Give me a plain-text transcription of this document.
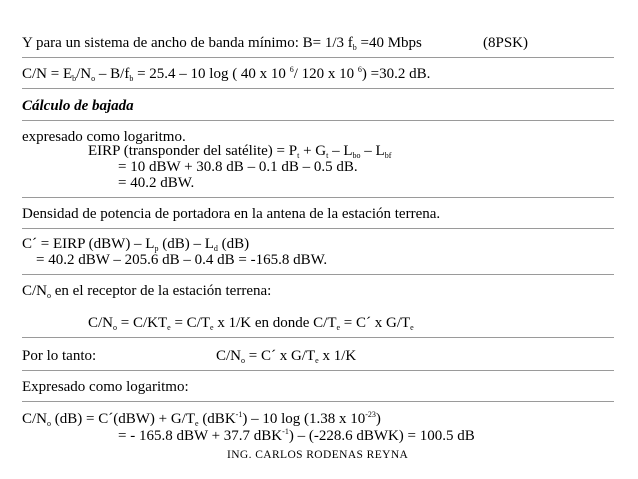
Y para un sistema de ancho de banda mínimo: B= 1/3 $f_b =40$ Mbps	(8PSK)
$C/N = E_b/N_o - B/f_b = 25.4 - 10$ log ( 40 x 10 $^6$/ 120 x 10 $^6$) =30.2 dB.
Cálculo de bajada
expresado como logaritmo.
EIRP (transponder del satélite) = $P_t + G_t - L_{bo} - L_{bf}$
= 10 dBW + 30.8 dB – 0.1 dB – 0.5 dB.
= 40.2 dBW.
Densidad de potencia de portadora en la antena de la estación terrena.
C´ = EIRP $(dBW) - L_p$ $(dB) - L_d$ (dB)
= 40.2 dBW – 205.6 dB – 0.4 dB = -165.8 dBW.
$C/N_o$ en el receptor de la estación terrena:
$C/N_o = C/KT_e = C/T_e$ x 1/K en donde $C/T_e$ = C´ x $G/T_e$
Por lo tanto:	$C/N_o$ = C´ x $G/T_e$ x 1/K
Expresado como logaritmo:
$C/N_o$ (dB) = C´(dBW) + $G/T_e$ (dBK$^{-1}$) – 10 log (1.38 x $10^{-23}$)
= - 165.8 dBW + 37.7 dBK$^{-1}$) – (-228.6 dBWK) = 100.5 dB
ING. CARLOS RODENAS REYNA
